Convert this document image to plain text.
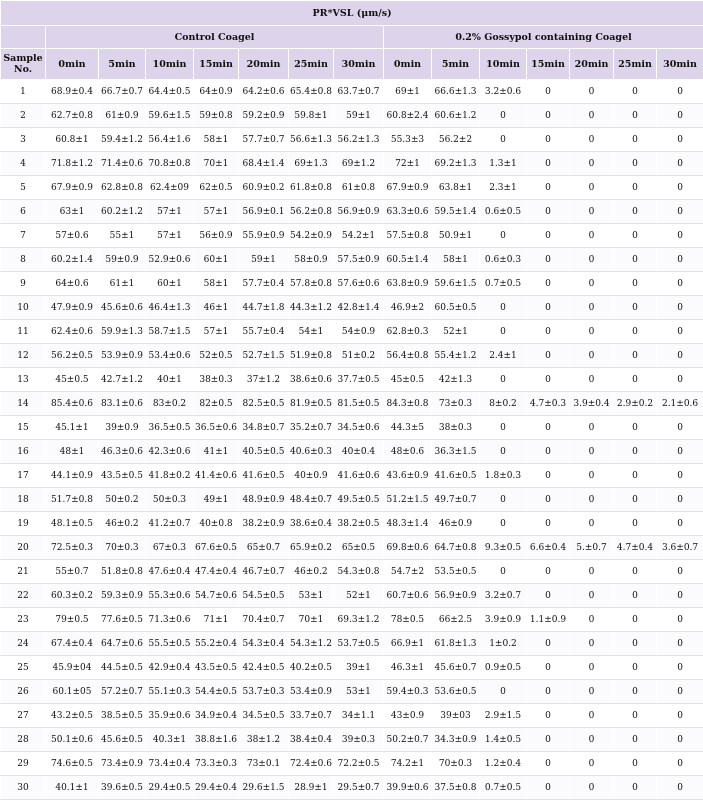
PR*VSL (μm/s)														
	Control Coagel							0.2% Gossypol containing Coagel						
Sample No.	0min	5min	10min	15min	20min	25min	30min	0min	5min	10min	15min	20min	25min	30min
1	68.9±0.4	66.7±0.7	64.4±0.5	64±0.9	64.2±0.6	65.4±0.8	63.7±0.7	69±1	66.6±1.3	3.2±0.6	0	0	0	0
2	62.7±0.8	61±0.9	59.6±1.5	59±0.8	59.2±0.9	59.8±1	59±1	60.8±2.4	60.6±1.2	0	0	0	0	0
3	60.8±1	59.4±1.2	56.4±1.6	58±1	57.7±0.7	56.6±1.3	56.2±1.3	55.3±3	56.2±2	0	0	0	0	0
4	71.8±1.2	71.4±0.6	70.8±0.8	70±1	68.4±1.4	69±1.3	69±1.2	72±1	69.2±1.3	1.3±1	0	0	0	0
5	67.9±0.9	62.8±0.8	62.4±09	62±0.5	60.9±0.2	61.8±0.8	61±0.8	67.9±0.9	63.8±1	2.3±1	0	0	0	0
6	63±1	60.2±1.2	57±1	57±1	56.9±0.1	56.2±0.8	56.9±0.9	63.3±0.6	59.5±1.4	0.6±0.5	0	0	0	0
7	57±0.6	55±1	57±1	56±0.9	55.9±0.9	54.2±0.9	54.2±1	57.5±0.8	50.9±1	0	0	0	0	0
8	60.2±1.4	59±0.9	52.9±0.6	60±1	59±1	58±0.9	57.5±0.9	60.5±1.4	58±1	0.6±0.3	0	0	0	0
9	64±0.6	61±1	60±1	58±1	57.7±0.4	57.8±0.8	57.6±0.6	63.8±0.9	59.6±1.5	0.7±0.5	0	0	0	0
10	47.9±0.9	45.6±0.6	46.4±1.3	46±1	44.7±1.8	44.3±1.2	42.8±1.4	46.9±2	60.5±0.5	0	0	0	0	0
11	62.4±0.6	59.9±1.3	58.7±1.5	57±1	55.7±0.4	54±1	54±0.9	62.8±0.3	52±1	0	0	0	0	0
12	56.2±0.5	53.9±0.9	53.4±0.6	52±0.5	52.7±1.5	51.9±0.8	51±0.2	56.4±0.8	55.4±1.2	2.4±1	0	0	0	0
13	45±0.5	42.7±1.2	40±1	38±0.3	37±1.2	38.6±0.6	37.7±0.5	45±0.5	42±1.3	0	0	0	0	0
14	85.4±0.6	83.1±0.6	83±0.2	82±0.5	82.5±0.5	81.9±0.5	81.5±0.5	84.3±0.8	73±0.3	8±0.2	4.7±0.3	3.9±0.4	2.9±0.2	2.1±0.6
15	45.1±1	39±0.9	36.5±0.5	36.5±0.6	34.8±0.7	35.2±0.7	34.5±0.6	44.3±5	38±0.3	0	0	0	0	0
16	48±1	46.3±0.6	42.3±0.6	41±1	40.5±0.5	40.6±0.3	40±0.4	48±0.6	36.3±1.5	0	0	0	0	0
17	44.1±0.9	43.5±0.5	41.8±0.2	41.4±0.6	41.6±0.5	40±0.9	41.6±0.6	43.6±0.9	41.6±0.5	1.8±0.3	0	0	0	0
18	51.7±0.8	50±0.2	50±0.3	49±1	48.9±0.9	48.4±0.7	49.5±0.5	51.2±1.5	49.7±0.7	0	0	0	0	0
19	48.1±0.5	46±0.2	41.2±0.7	40±0.8	38.2±0.9	38.6±0.4	38.2±0.5	48.3±1.4	46±0.9	0	0	0	0	0
20	72.5±0.3	70±0.3	67±0.3	67.6±0.5	65±0.7	65.9±0.2	65±0.5	69.8±0.6	64.7±0.8	9.3±0.5	6.6±0.4	5.±0.7	4.7±0.4	3.6±0.7
21	55±0.7	51.8±0.8	47.6±0.4	47.4±0.4	46.7±0.7	46±0.2	54.3±0.8	54.7±2	53.5±0.5	0	0	0	0	0
22	60.3±0.2	59.3±0.9	55.3±0.6	54.7±0.6	54.5±0.5	53±1	52±1	60.7±0.6	56.9±0.9	3.2±0.7	0	0	0	0
23	79±0.5	77.6±0.5	71.3±0.6	71±1	70.4±0.7	70±1	69.3±1.2	78±0.5	66±2.5	3.9±0.9	1.1±0.9	0	0	0
24	67.4±0.4	64.7±0.6	55.5±0.5	55.2±0.4	54.3±0.4	54.3±1.2	53.7±0.5	66.9±1	61.8±1.3	1±0.2	0	0	0	0
25	45.9±04	44.5±0.5	42.9±0.4	43.5±0.5	42.4±0.5	40.2±0.5	39±1	46.3±1	45.6±0.7	0.9±0.5	0	0	0	0
26	60.1±05	57.2±0.7	55.1±0.3	54.4±0.5	53.7±0.3	53.4±0.9	53±1	59.4±0.3	53.6±0.5	0	0	0	0	0
27	43.2±0.5	38.5±0.5	35.9±0.6	34.9±0.4	34.5±0.5	33.7±0.7	34±1.1	43±0.9	39±03	2.9±1.5	0	0	0	0
28	50.1±0.6	45.6±0.5	40.3±1	38.8±1.6	38±1.2	38.4±0.4	39±0.3	50.2±0.7	34.3±0.9	1.4±0.5	0	0	0	0
29	74.6±0.5	73.4±0.9	73.4±0.4	73.3±0.3	73±0.1	72.4±0.6	72.2±0.5	74.2±1	70±0.3	1.2±0.4	0	0	0	0
30	40.1±1	39.6±0.5	29.4±0.5	29.4±0.4	29.6±1.5	28.9±1	29.5±0.7	39.9±0.6	37.5±0.8	0.7±0.5	0	0	0	0
